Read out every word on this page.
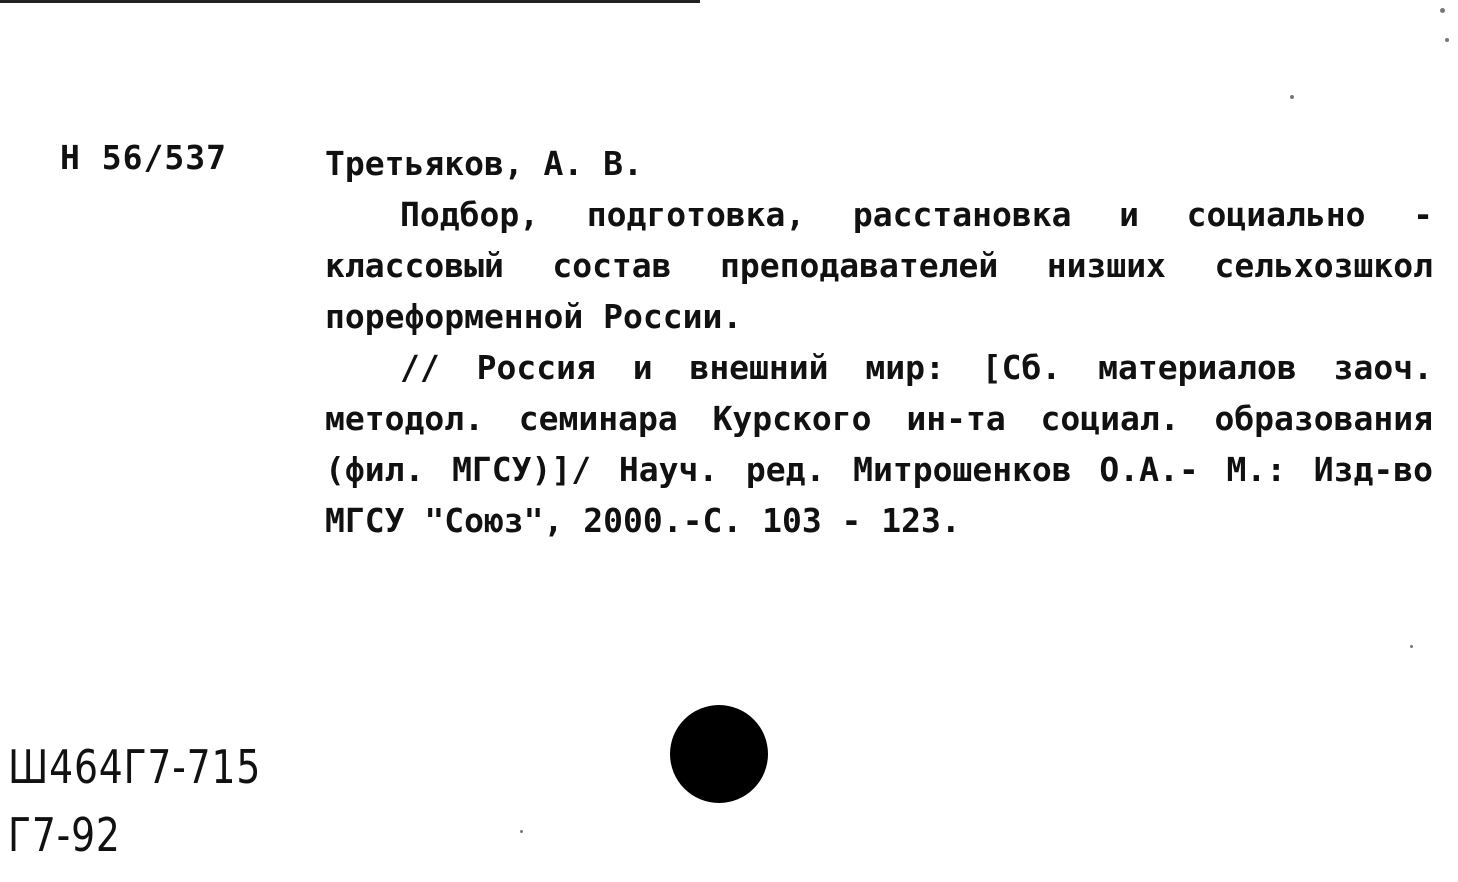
Н 56/537	Третьяков, А. В.
Подбор, подготовка, расстановка и социально - классовый состав преподавателей низших сельхозшкол пореформенной России.
// Россия и внешний мир: [Сб. материалов заоч. методол. семинара Курского ин-та социал. образования (фил. МГСУ)]/ Науч. ред. Митрошенков О.А.- М.: Изд-во МГСУ "Союз", 2000.-С. 103 - 123.
Ш464Г7-715
Г7-92
